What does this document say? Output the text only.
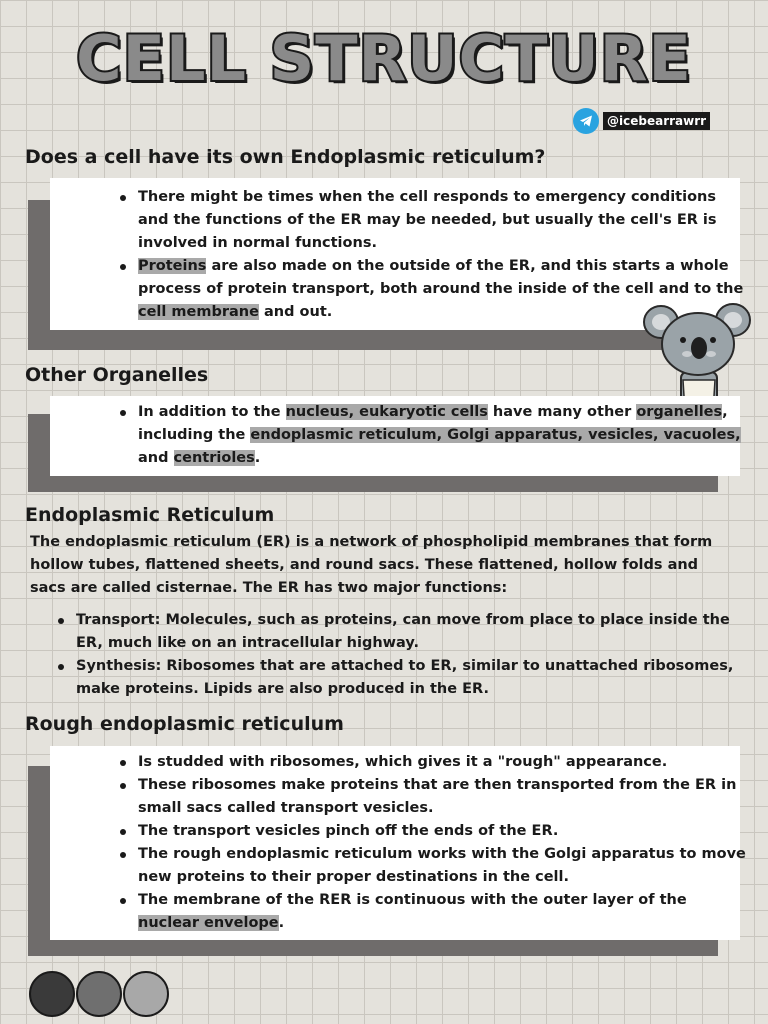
CELL STRUCTURE
@icebearrawrr
Does a cell have its own Endoplasmic reticulum?
There might be times when the cell responds to emergency conditions and the functions of the ER may be needed, but usually the cell's ER is involved in normal functions.
Proteins are also made on the outside of the ER, and this starts a whole process of protein transport, both around the inside of the cell and to the cell membrane and out.
Other Organelles
In addition to the nucleus, eukaryotic cells have many other organelles, including the endoplasmic reticulum, Golgi apparatus, vesicles, vacuoles, and centrioles.
Endoplasmic Reticulum
The endoplasmic reticulum (ER) is a network of phospholipid membranes that form hollow tubes, flattened sheets, and round sacs. These flattened, hollow folds and sacs are called cisternae. The ER has two major functions:
Transport: Molecules, such as proteins, can move from place to place inside the ER, much like on an intracellular highway.
Synthesis: Ribosomes that are attached to ER, similar to unattached ribosomes, make proteins. Lipids are also produced in the ER.
Rough endoplasmic reticulum
Is studded with ribosomes, which gives it a "rough" appearance.
These ribosomes make proteins that are then transported from the ER in small sacs called transport vesicles.
The transport vesicles pinch off the ends of the ER.
The rough endoplasmic reticulum works with the Golgi apparatus to move new proteins to their proper destinations in the cell.
The membrane of the RER is continuous with the outer layer of the nuclear envelope.
